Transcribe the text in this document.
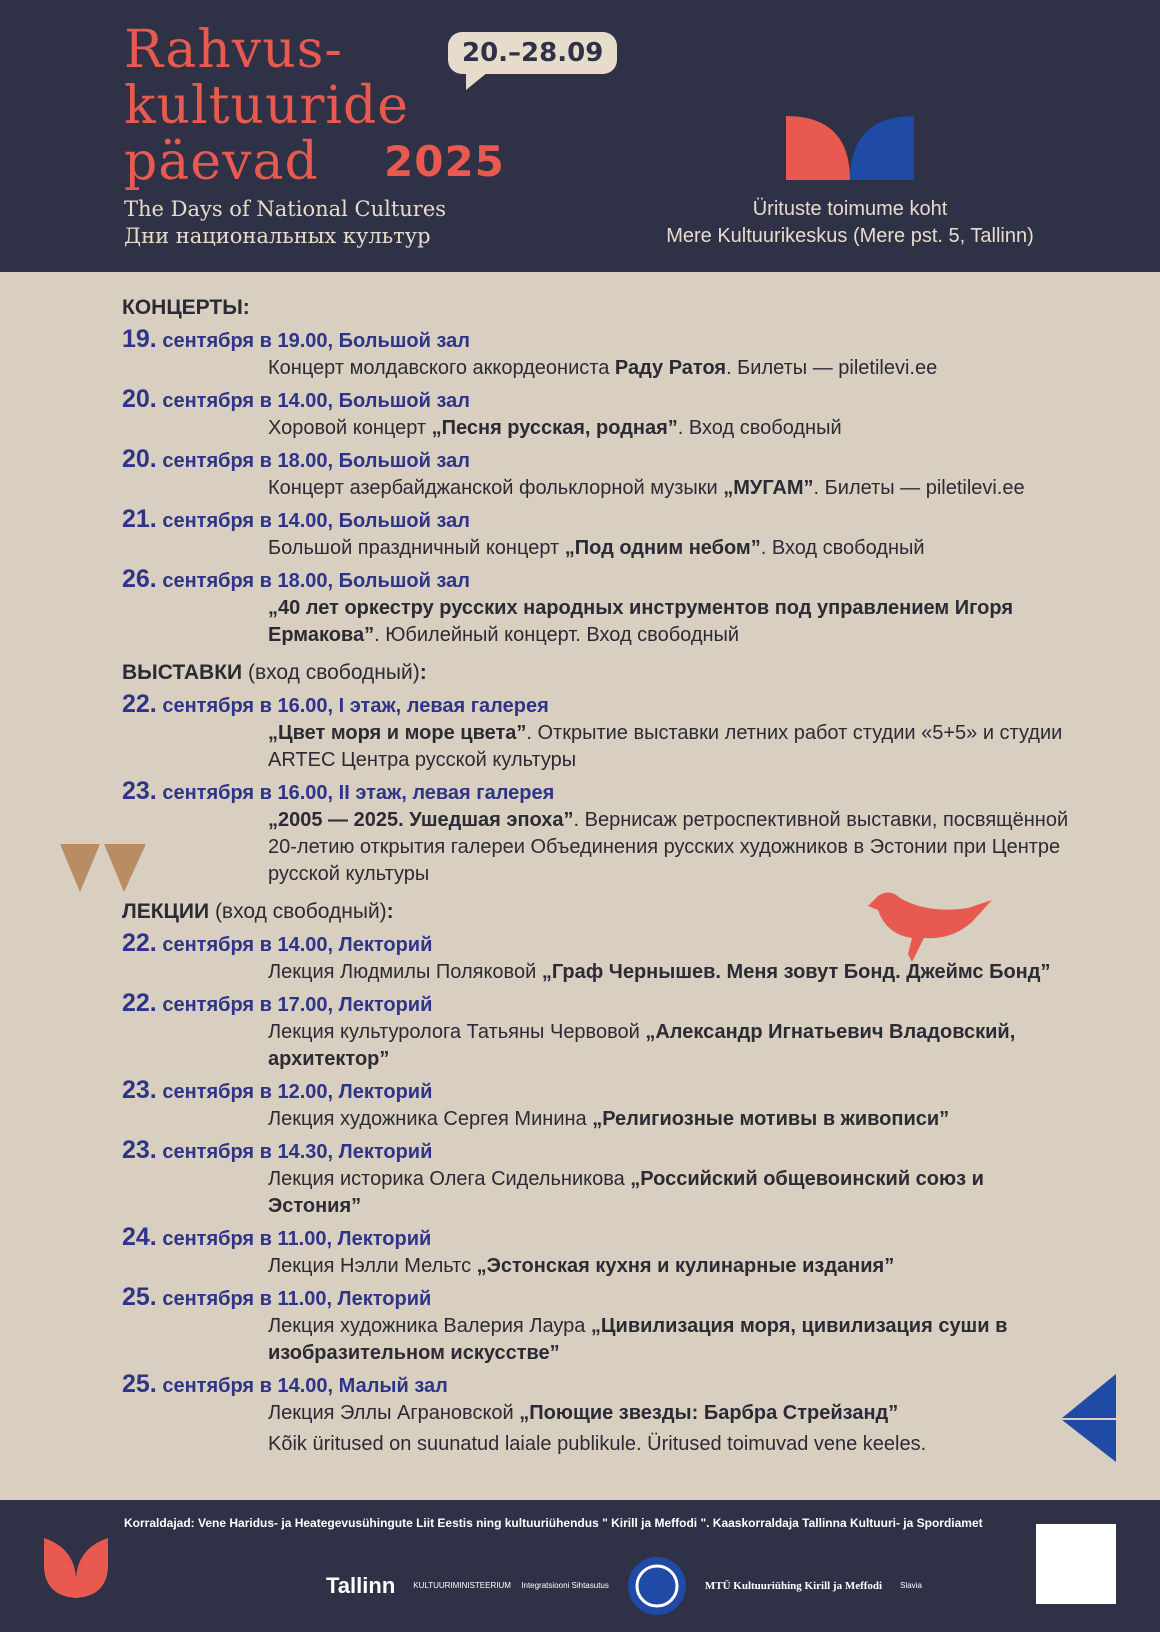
Rahvus-
kultuuride
päevad	2025
20.–28.09
The Days of National Cultures
Дни национальных культур
Ürituste toimume koht
Mere Kultuurikeskus (Mere pst. 5, Tallinn)
КОНЦЕРТЫ:
19. сентября в 19.00, Большой зал
Концерт молдавского аккордеониста Раду Ратоя. Билеты — piletilevi.ee
20. сентября в 14.00, Большой зал
Хоровой концерт „Песня русская, родная”. Вход свободный
20. сентября в 18.00, Большой зал
Концерт азербайджанской фольклорной музыки „МУГАМ”. Билеты — piletilevi.ee
21. сентября в 14.00, Большой зал
Большой праздничный концерт „Под одним небом”. Вход свободный
26. сентября в 18.00, Большой зал
„40 лет оркестру русских народных инструментов под управлением Игоря Ермакова”. Юбилейный концерт. Вход свободный
ВЫСТАВКИ (вход свободный):
22. сентября в 16.00, I этаж, левая галерея
„Цвет моря и море цвета”. Открытие выставки летних работ студии «5+5» и студии ARTEC Центра русской культуры
23. сентября в 16.00, II этаж, левая галерея
„2005 — 2025. Ушедшая эпоха”. Вернисаж ретроспективной выставки, посвящённой 20-летию открытия галереи Объединения русских художников в Эстонии при Центре русской культуры
ЛЕКЦИИ (вход свободный):
22. сентября в 14.00, Лекторий
Лекция Людмилы Поляковой „Граф Чернышев. Меня зовут Бонд. Джеймс Бонд”
22. сентября в 17.00, Лекторий
Лекция культуролога Татьяны Червовой „Александр Игнатьевич Владовский, архитектор”
23. сентября в 12.00, Лекторий
Лекция художника Сергея Минина „Религиозные мотивы в живописи”
23. сентября в 14.30, Лекторий
Лекция историка Олега Сидельникова „Российский общевоинский союз и Эстония”
24. сентября в 11.00, Лекторий
Лекция Нэлли Мельтс „Эстонская кухня и кулинарные издания”
25. сентября в 11.00, Лекторий
Лекция художника Валерия Лаура „Цивилизация моря, цивилизация суши в изобразительном искусстве”
25. сентября в 14.00, Малый зал
Лекция Эллы Аграновской „Поющие звезды: Барбра Стрейзанд”
Kõik üritused on suunatud laiale publikule. Üritused toimuvad vene keeles.
Korraldajad: Vene Haridus- ja Heategevusühingute Liit Eestis ning kultuuriühendus " Kirill ja Meffodi ". Kaaskorraldaja Tallinna Kultuuri- ja Spordiamet
Tallinn KULTUURIMINISTEERIUM Integratsiooni Sihtasutus	MTÜ Kultuuriühing Kirill ja Meffodi Slavia
